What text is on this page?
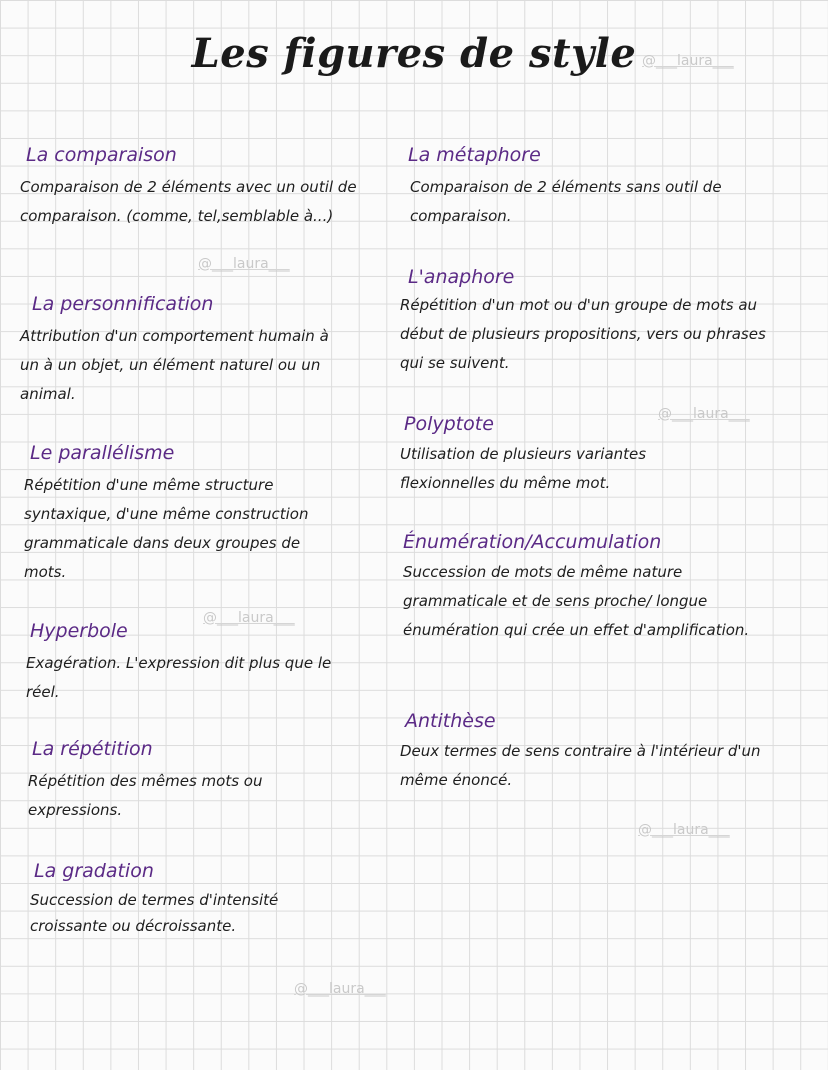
Les figures de style @___laura___
@___laura___
@___laura___
@___laura___
@___laura___
@___laura___
La comparaison

Comparaison de 2 éléments avec un outil de comparaison. (comme, tel,semblable à...)

La personnification

Attribution d'un comportement humain à un à un objet, un élément naturel ou un animal.

Le parallélisme

Répétition d'une même structure syntaxique, d'une même construction grammaticale dans deux groupes de mots.

Hyperbole

Exagération. L'expression dit plus que le réel.

La répétition

Répétition des mêmes mots ou expressions.

La gradation

Succession de termes d'intensité croissante ou décroissante.

La métaphore

Comparaison de 2 éléments sans outil de comparaison.

L'anaphore

Répétition d'un mot ou d'un groupe de mots au début de plusieurs propositions, vers ou phrases qui se suivent.

Polyptote

Utilisation de plusieurs variantes flexionnelles du même mot.

Énumération/Accumulation

Succession de mots de même nature grammaticale et de sens proche/ longue énumération qui crée un effet d'amplification.

Antithèse

Deux termes de sens contraire à l'intérieur d'un même énoncé.
